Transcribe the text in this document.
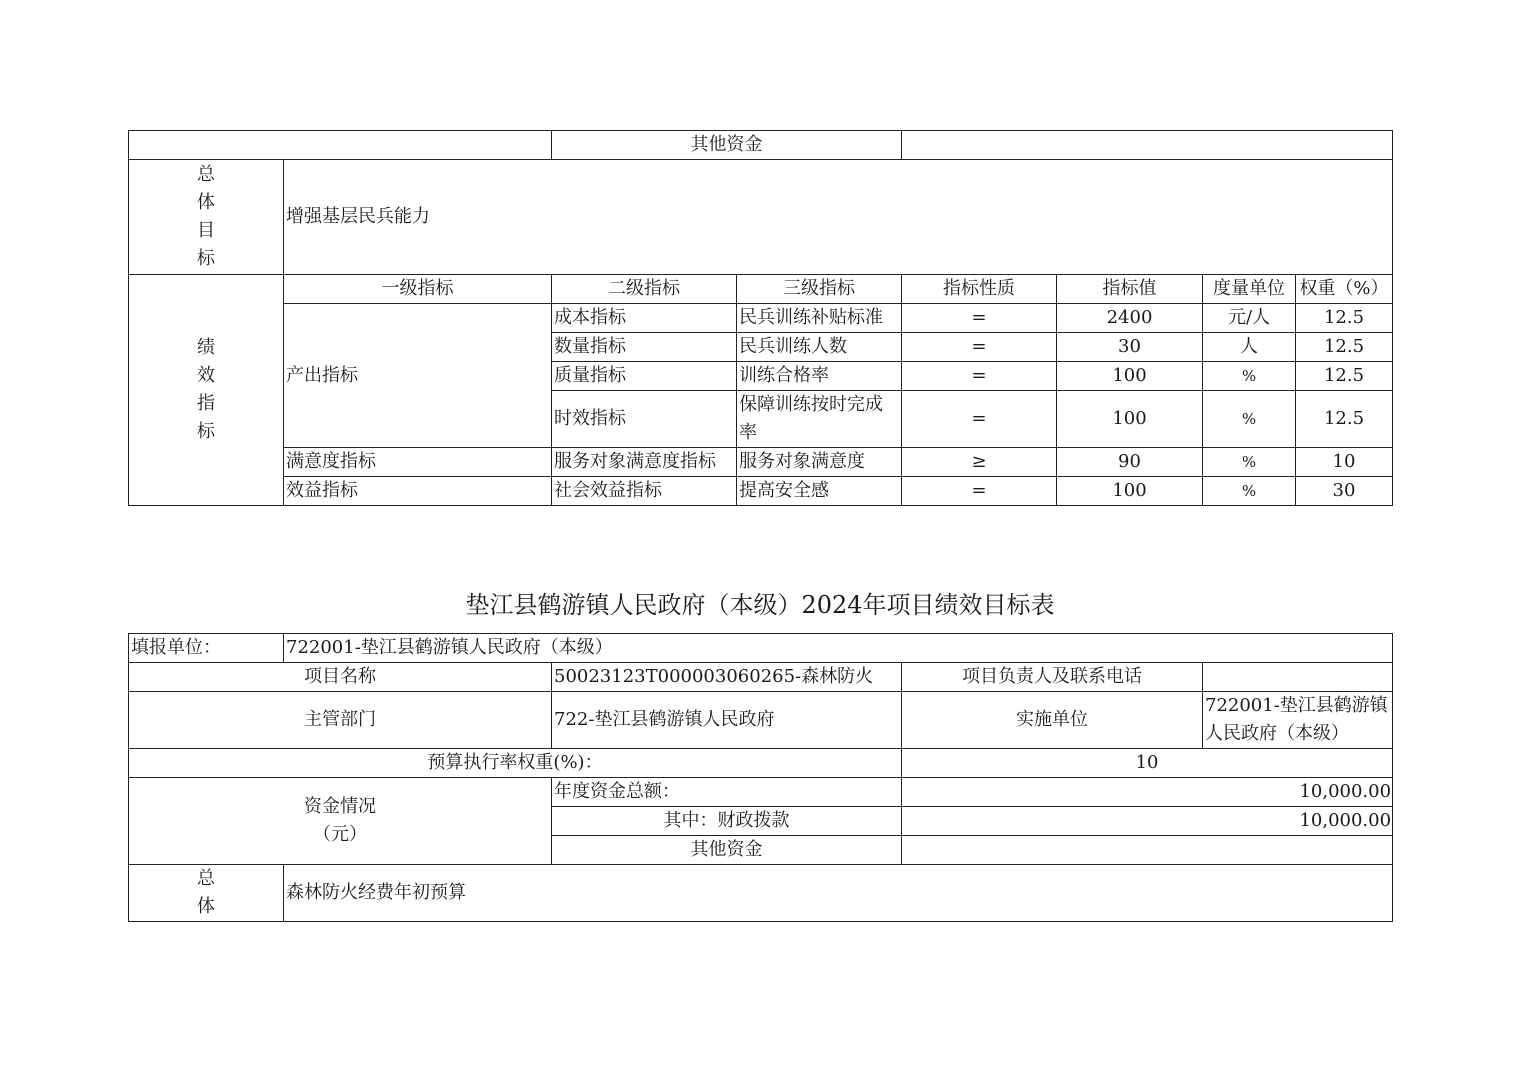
		其他资金					

总
体
目
标	增强基层民兵能力						

绩
效
指
标	一级指标	二级指标	三级指标	指标性质	指标值	度量单位	权重（%）
	产出指标	成本指标	民兵训练补贴标准	=	2400	元/人	12.5
		数量指标	民兵训练人数	=	30	人	12.5
		质量指标	训练合格率	=	100	%	12.5
		时效指标	保障训练按时完成率	=	100	%	12.5
	满意度指标	服务对象满意度指标	服务对象满意度	≥	90	%	10
	效益指标	社会效益指标	提高安全感	=	100	%	30
垫江县鹤游镇人民政府（本级）2024年项目绩效目标表
填报单位：	722001-垫江县鹤游镇人民政府（本级）			
项目名称		50023123T000003060265-森林防火	项目负责人及联系电话	
主管部门		722-垫江县鹤游镇人民政府	实施单位	722001-垫江县鹤游镇人民政府（本级）
预算执行率权重(%)：			10	

资金情况
（元）		年度资金总额：	10,000.00	
		其中：财政拨款	10,000.00	
		其他资金		

总
体	森林防火经费年初预算			
